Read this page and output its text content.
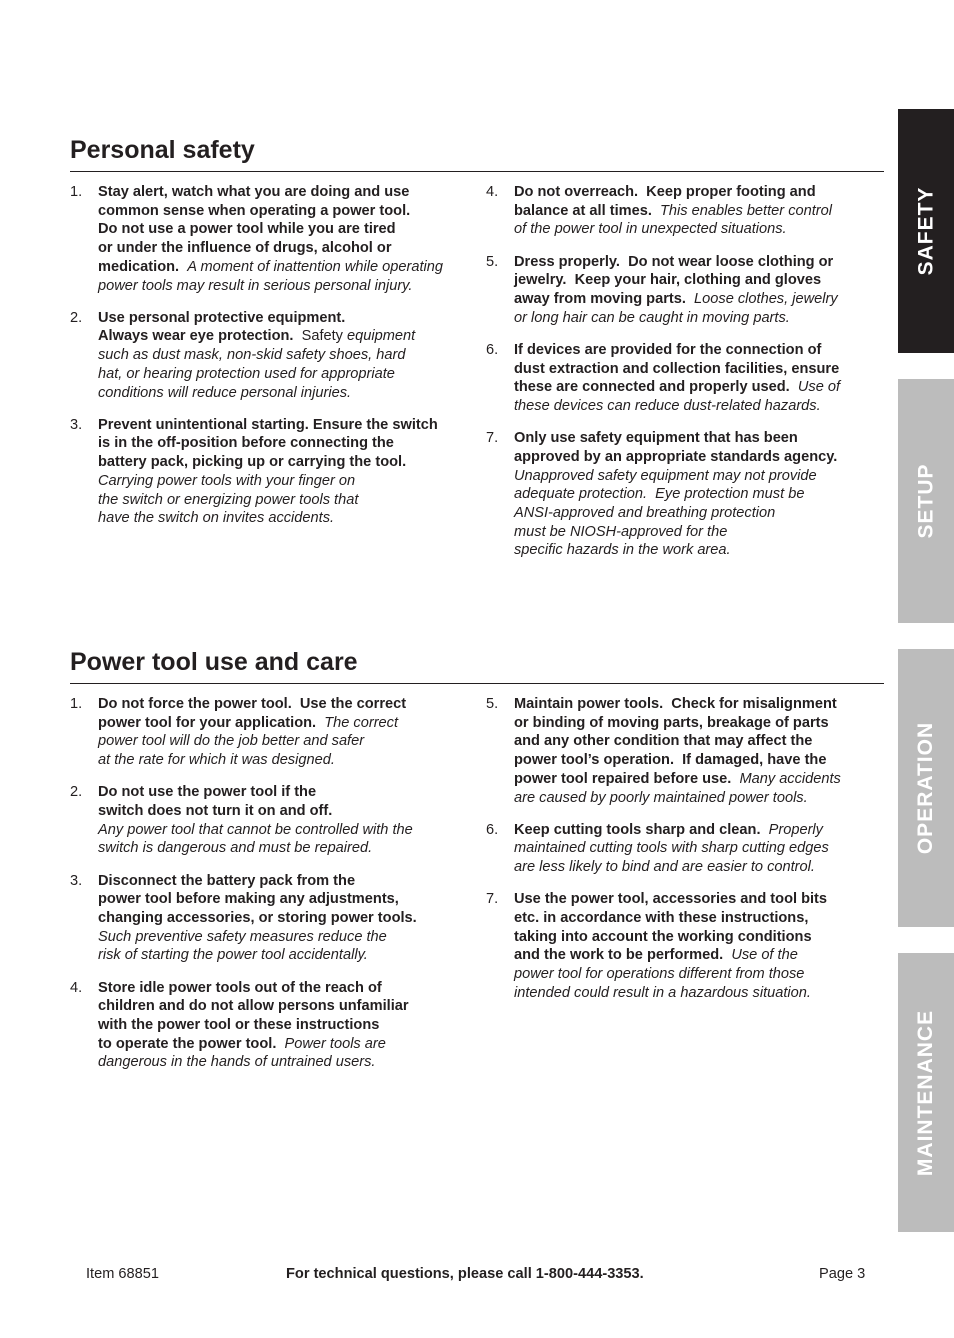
SAFETY
SETUP
OPERATION
MAINTENANCE
Personal safety
1. Stay alert, watch what you are doing and use
common sense when operating a power tool.
Do not use a power tool while you are tired
or under the influence of drugs, alcohol or
medication.  A moment of inattention while operating
power tools may result in serious personal injury.
2. Use personal protective equipment.
Always wear eye protection.  Safety equipment
such as dust mask, non-skid safety shoes, hard
hat, or hearing protection used for appropriate
conditions will reduce personal injuries.
3. Prevent unintentional starting. Ensure the switch
is in the off-position before connecting the
battery pack, picking up or carrying the tool.
Carrying power tools with your finger on
the switch or energizing power tools that
have the switch on invites accidents.
4. Do not overreach.  Keep proper footing and
balance at all times.  This enables better control
of the power tool in unexpected situations.
5. Dress properly.  Do not wear loose clothing or
jewelry.  Keep your hair, clothing and gloves
away from moving parts.  Loose clothes, jewelry
or long hair can be caught in moving parts.
6. If devices are provided for the connection of
dust extraction and collection facilities, ensure
these are connected and properly used.  Use of
these devices can reduce dust-related hazards.
7. Only use safety equipment that has been
approved by an appropriate standards agency.
Unapproved safety equipment may not provide
adequate protection.  Eye protection must be
ANSI-approved and breathing protection
must be NIOSH-approved for the
specific hazards in the work area.
Power tool use and care
1. Do not force the power tool.  Use the correct
power tool for your application.  The correct
power tool will do the job better and safer
at the rate for which it was designed.
2. Do not use the power tool if the
switch does not turn it on and off.
Any power tool that cannot be controlled with the
switch is dangerous and must be repaired.
3. Disconnect the battery pack from the
power tool before making any adjustments,
changing accessories, or storing power tools.
Such preventive safety measures reduce the
risk of starting the power tool accidentally.
4. Store idle power tools out of the reach of
children and do not allow persons unfamiliar
with the power tool or these instructions
to operate the power tool.  Power tools are
dangerous in the hands of untrained users.
5. Maintain power tools.  Check for misalignment
or binding of moving parts, breakage of parts
and any other condition that may affect the
power tool’s operation.  If damaged, have the
power tool repaired before use.  Many accidents
are caused by poorly maintained power tools.
6. Keep cutting tools sharp and clean.  Properly
maintained cutting tools with sharp cutting edges
are less likely to bind and are easier to control.
7. Use the power tool, accessories and tool bits
etc. in accordance with these instructions,
taking into account the working conditions
and the work to be performed.  Use of the
power tool for operations different from those
intended could result in a hazardous situation.
Item 68851	For technical questions, please call 1-800-444-3353.	Page 3
